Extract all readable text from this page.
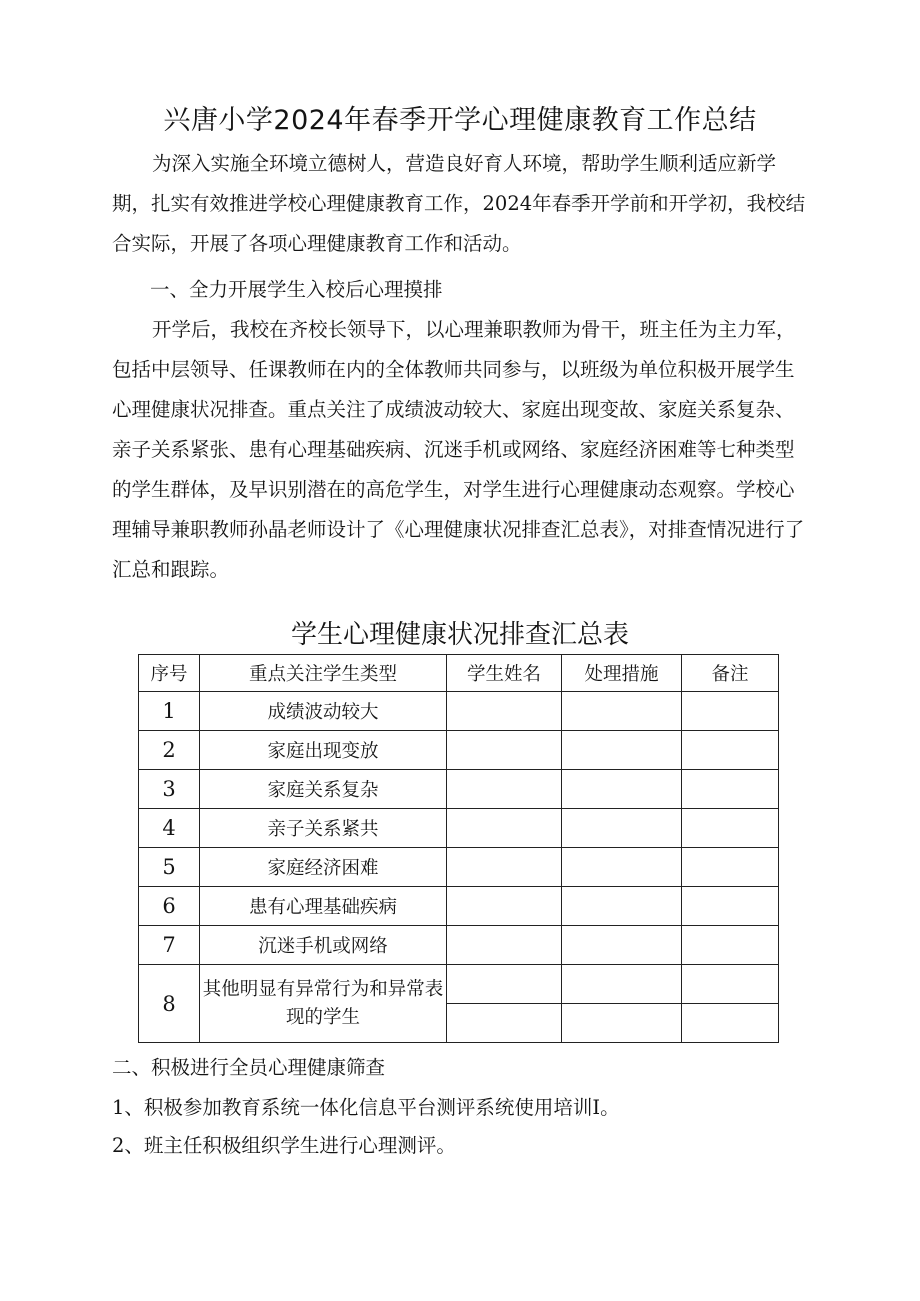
兴唐小学2024年春季开学心理健康教育工作总结

为深入实施全环境立德树人，营造良好育人环境，帮助学生顺利适应新学期，扎实有效推进学校心理健康教育工作，2024年春季开学前和开学初，我校结合实际，开展了各项心理健康教育工作和活动。

一、全力开展学生入校后心理摸排

开学后，我校在齐校长领导下，以心理兼职教师为骨干，班主任为主力军，包括中层领导、任课教师在内的全体教师共同参与，以班级为单位积极开展学生心理健康状况排查。重点关注了成绩波动较大、家庭出现变故、家庭关系复杂、亲子关系紧张、患有心理基础疾病、沉迷手机或网络、家庭经济困难等七种类型的学生群体，及早识别潜在的高危学生，对学生进行心理健康动态观察。学校心理辅导兼职教师孙晶老师设计了《心理健康状况排查汇总表》，对排查情况进行了汇总和跟踪。

学生心理健康状况排查汇总表
序号	重点关注学生类型	学生姓名	处理措施	备注
1	成绩波动较大			
2	家庭出现变放			
3	家庭关系复杂			
4	亲子关系紧共			
5	家庭经济困难			
6	患有心理基础疾病			
7	沉迷手机或网络			
8	其他明显有异常行为和异常表现的学生			

二、积极进行全员心理健康筛查
1、积极参加教育系统一体化信息平台测评系统使用培训I。
2、班主任积极组织学生进行心理测评。
